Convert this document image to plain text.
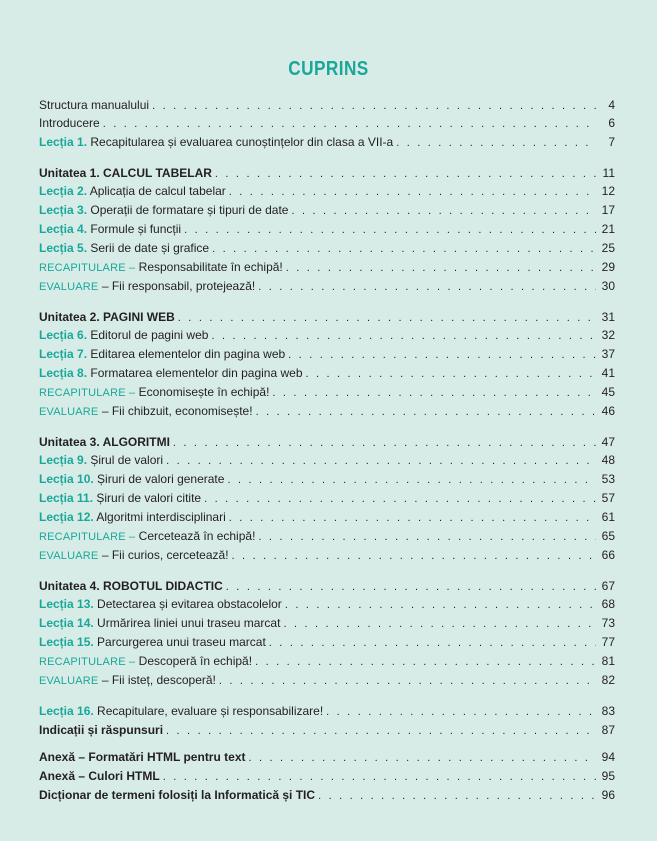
CUPRINS
Structura manualului . . .	4
Introducere . . .	6
Lecția 1. Recapitularea și evaluarea cunoștințelor din clasa a VII-a . . .	7
Unitatea 1. CALCUL TABELAR . . .	11
Lecția 2. Aplicația de calcul tabelar . . .	12
Lecția 3. Operații de formatare și tipuri de date . . .	17
Lecția 4. Formule și funcții . . .	21
Lecția 5. Serii de date și grafice . . .	25
RECAPITULARE – Responsabilitate în echipă! . . .	29
EVALUARE – Fii responsabil, protejează! . . .	30
Unitatea 2. PAGINI WEB . . .	31
Lecția 6. Editorul de pagini web . . .	32
Lecția 7. Editarea elementelor din pagina web . . .	37
Lecția 8. Formatarea elementelor din pagina web . . .	41
RECAPITULARE – Economisește în echipă! . . .	45
EVALUARE – Fii chibzuit, economisește! . . .	46
Unitatea 3. ALGORITMI . . .	47
Lecția 9. Șirul de valori . . .	48
Lecția 10. Șiruri de valori generate . . .	53
Lecția 11. Șiruri de valori citite . . .	57
Lecția 12. Algoritmi interdisciplinari . . .	61
RECAPITULARE – Cercetează în echipă! . . .	65
EVALUARE – Fii curios, cercetează! . . .	66
Unitatea 4. ROBOTUL DIDACTIC . . .	67
Lecția 13. Detectarea și evitarea obstacolelor . . .	68
Lecția 14. Urmărirea liniei unui traseu marcat . . .	73
Lecția 15. Parcurgerea unui traseu marcat . . .	77
RECAPITULARE – Descoperă în echipă! . . .	81
EVALUARE – Fii isteț, descoperă! . . .	82
Lecția 16. Recapitulare, evaluare și responsabilizare! . . .	83
Indicații și răspunsuri . . .	87
Anexă – Formatări HTML pentru text . . .	94
Anexă – Culori HTML . . .	95
Dicționar de termeni folosiți la Informatică și TIC . . .	96
